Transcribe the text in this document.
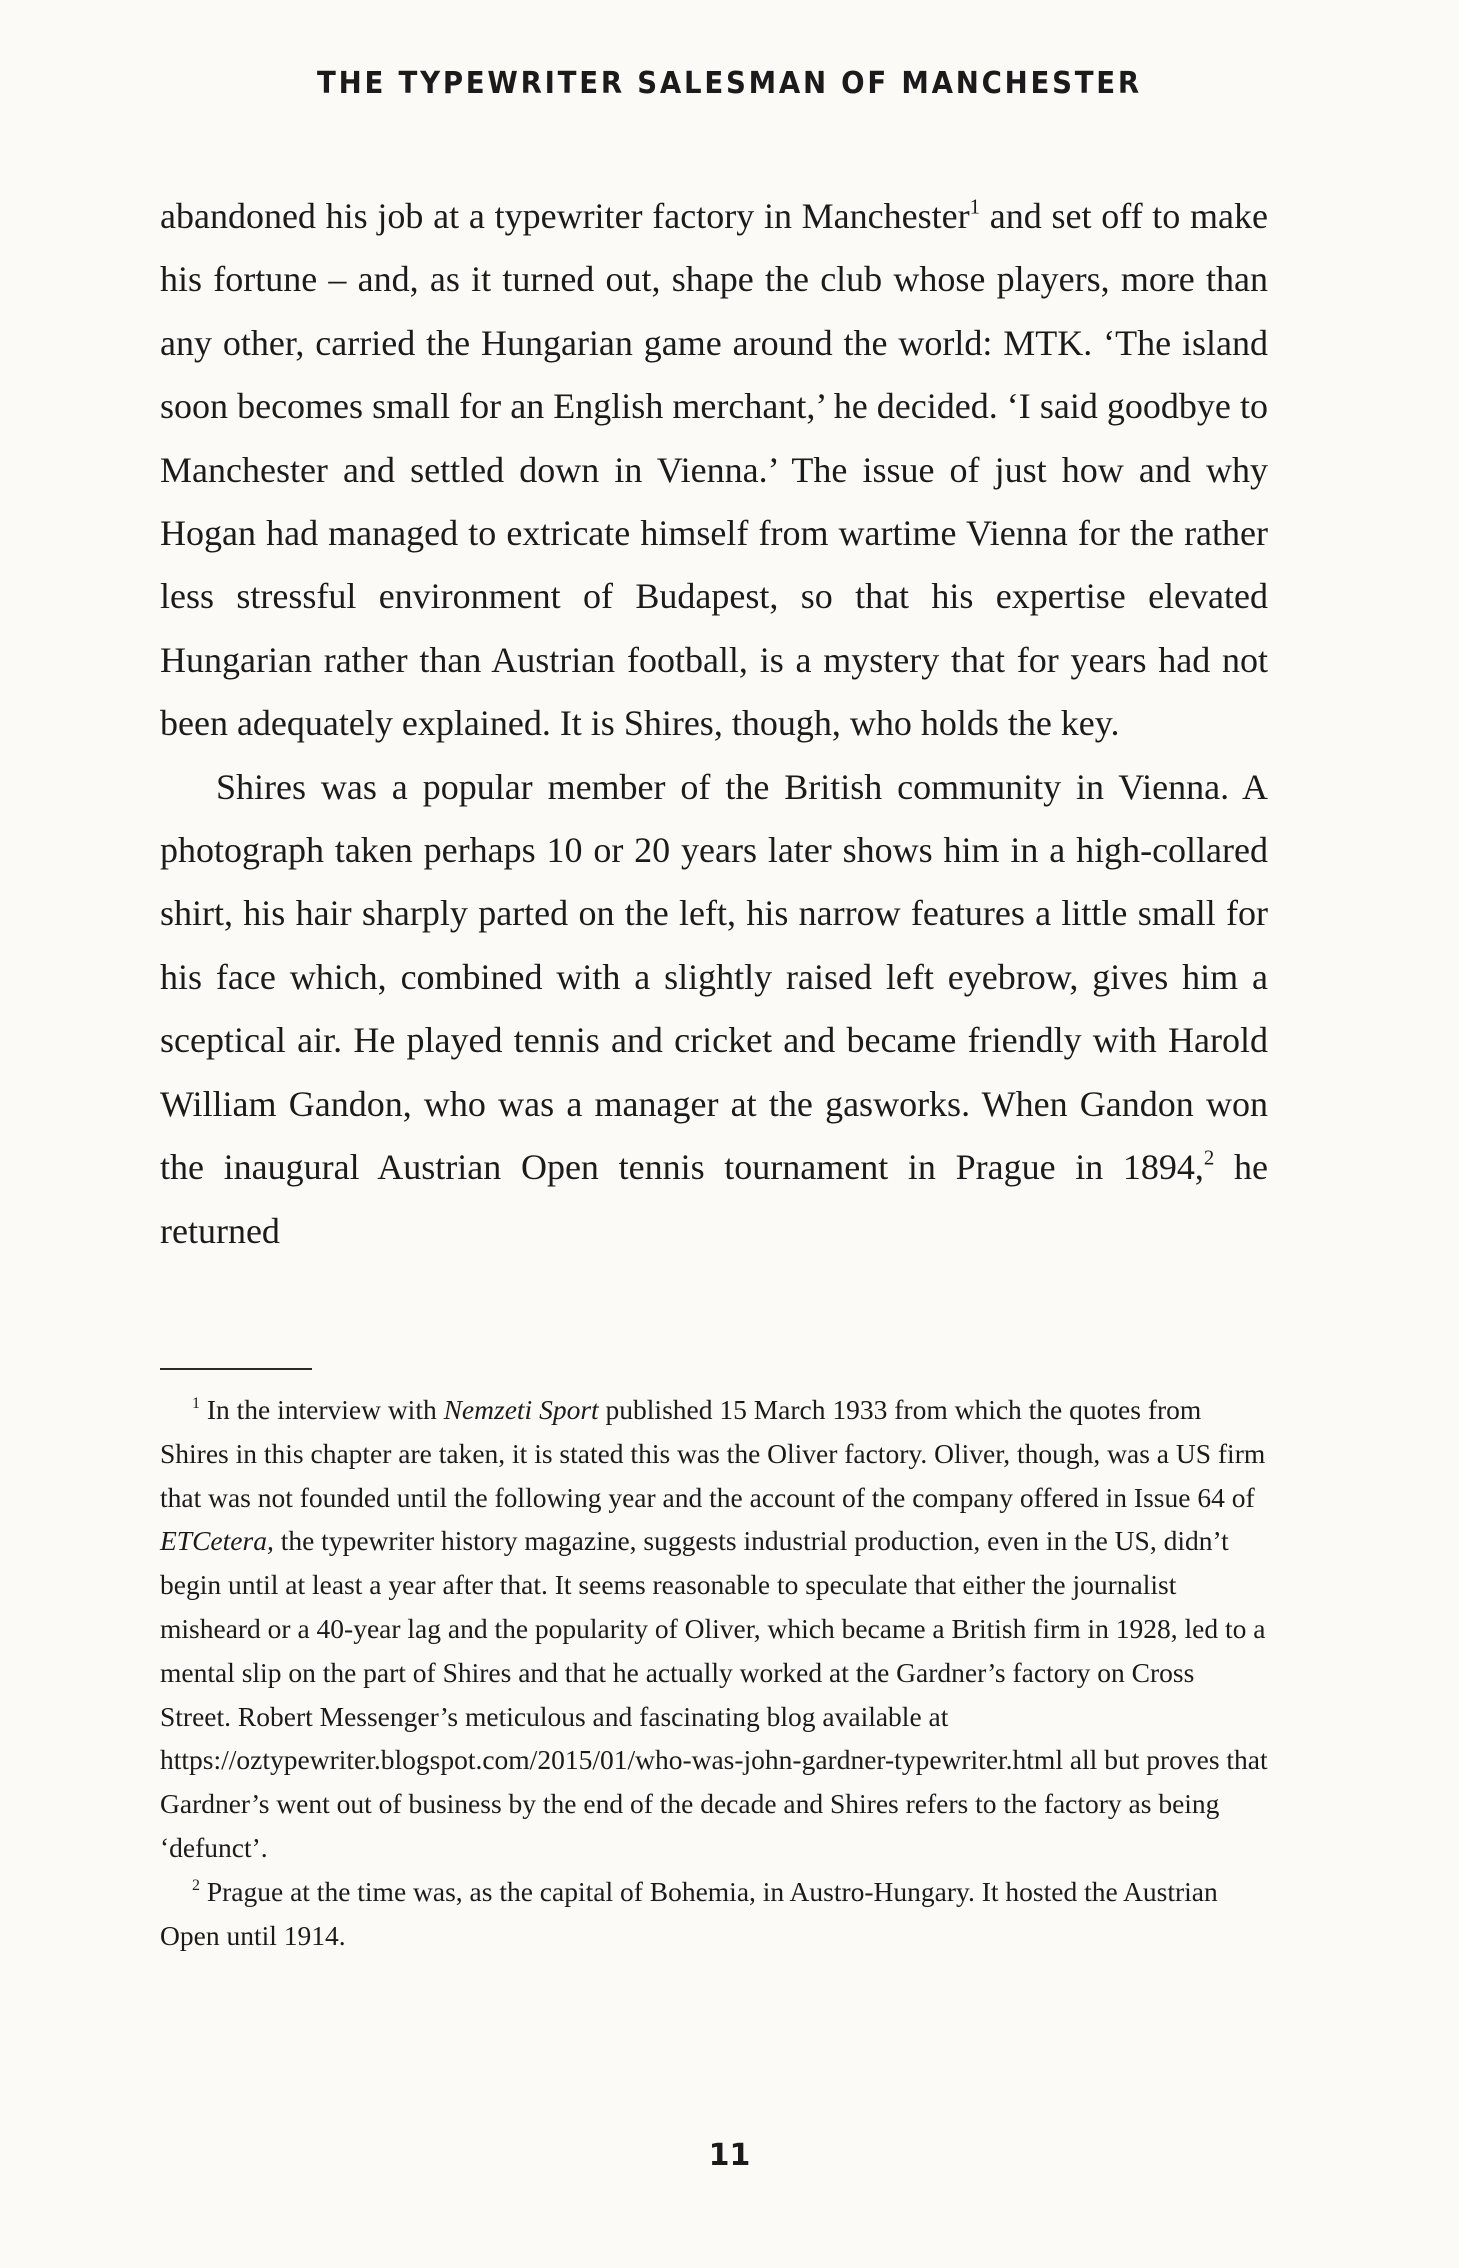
THE TYPEWRITER SALESMAN OF MANCHESTER

abandoned his job at a typewriter factory in Manchester$^1$ and set off to make his fortune – and, as it turned out, shape the club whose players, more than any other, carried the Hungarian game around the world: MTK. ‘The island soon becomes small for an English merchant,’ he decided. ‘I said goodbye to Manchester and settled down in Vienna.’ The issue of just how and why Hogan had managed to extricate himself from wartime Vienna for the rather less stressful environment of Budapest, so that his expertise elevated Hungarian rather than Austrian football, is a mystery that for years had not been adequately explained. It is Shires, though, who holds the key.

Shires was a popular member of the British community in Vienna. A photograph taken perhaps 10 or 20 years later shows him in a high-collared shirt, his hair sharply parted on the left, his narrow features a little small for his face which, combined with a slightly raised left eyebrow, gives him a sceptical air. He played tennis and cricket and became friendly with Harold William Gandon, who was a manager at the gasworks. When Gandon won the inaugural Austrian Open tennis tournament in Prague in 1894,$^2$ he returned

$^1$ In the interview with Nemzeti Sport published 15 March 1933 from which the quotes from Shires in this chapter are taken, it is stated this was the Oliver factory. Oliver, though, was a US firm that was not founded until the following year and the account of the company offered in Issue 64 of ETCetera, the typewriter history magazine, suggests industrial production, even in the US, didn’t begin until at least a year after that. It seems reasonable to speculate that either the journalist misheard or a 40-year lag and the popularity of Oliver, which became a British firm in 1928, led to a mental slip on the part of Shires and that he actually worked at the Gardner’s factory on Cross Street. Robert Messenger’s meticulous and fascinating blog available at https://oztypewriter.blogspot.com/2015/01/who-was-john-gardner-typewriter.html all but proves that Gardner’s went out of business by the end of the decade and Shires refers to the factory as being ‘defunct’.

$^2$ Prague at the time was, as the capital of Bohemia, in Austro-Hungary. It hosted the Austrian Open until 1914.

11
